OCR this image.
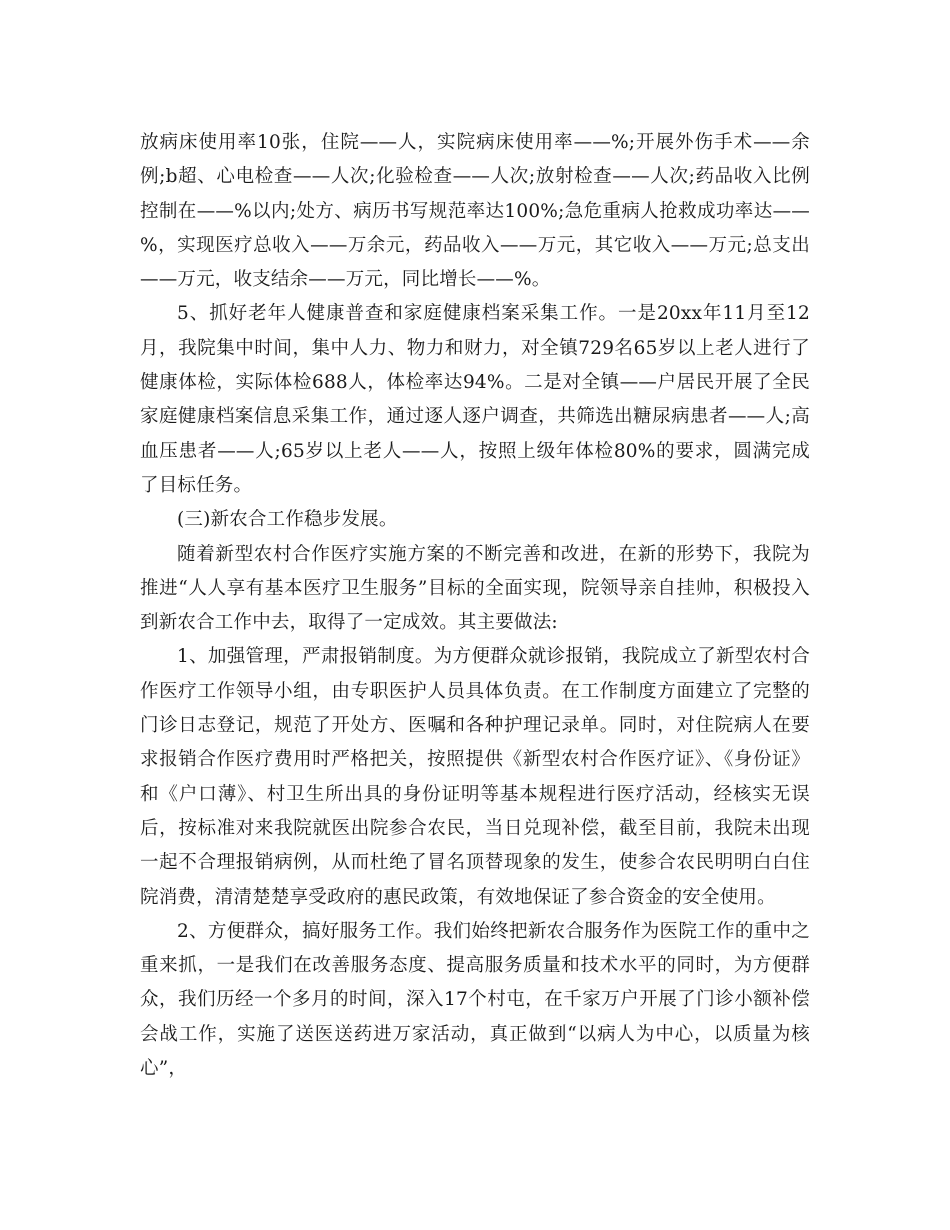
放病床使用率10张，住院——人，实院病床使用率——%;开展外伤手术——余例;b超、心电检查——人次;化验检查——人次;放射检查——人次;药品收入比例控制在——%以内;处方、病历书写规范率达100%;急危重病人抢救成功率达——%，实现医疗总收入——万余元，药品收入——万元，其它收入——万元;总支出——万元，收支结余——万元，同比增长——%。

5、抓好老年人健康普查和家庭健康档案采集工作。一是20xx年11月至12月，我院集中时间，集中人力、物力和财力，对全镇729名65岁以上老人进行了健康体检，实际体检688人，体检率达94%。二是对全镇——户居民开展了全民家庭健康档案信息采集工作，通过逐人逐户调查，共筛选出糖尿病患者——人;高血压患者——人;65岁以上老人——人，按照上级年体检80%的要求，圆满完成了目标任务。

(三)新农合工作稳步发展。

随着新型农村合作医疗实施方案的不断完善和改进，在新的形势下，我院为推进“人人享有基本医疗卫生服务”目标的全面实现，院领导亲自挂帅，积极投入到新农合工作中去，取得了一定成效。其主要做法:

1、加强管理，严肃报销制度。为方便群众就诊报销，我院成立了新型农村合作医疗工作领导小组，由专职医护人员具体负责。在工作制度方面建立了完整的门诊日志登记，规范了开处方、医嘱和各种护理记录单。同时，对住院病人在要求报销合作医疗费用时严格把关，按照提供《新型农村合作医疗证》、《身份证》和《户口薄》、村卫生所出具的身份证明等基本规程进行医疗活动，经核实无误后，按标准对来我院就医出院参合农民，当日兑现补偿，截至目前，我院未出现一起不合理报销病例，从而杜绝了冒名顶替现象的发生，使参合农民明明白白住院消费，清清楚楚享受政府的惠民政策，有效地保证了参合资金的安全使用。

2、方便群众，搞好服务工作。我们始终把新农合服务作为医院工作的重中之重来抓，一是我们在改善服务态度、提高服务质量和技术水平的同时，为方便群众，我们历经一个多月的时间，深入17个村屯，在千家万户开展了门诊小额补偿会战工作，实施了送医送药进万家活动，真正做到“以病人为中心，以质量为核心”，
